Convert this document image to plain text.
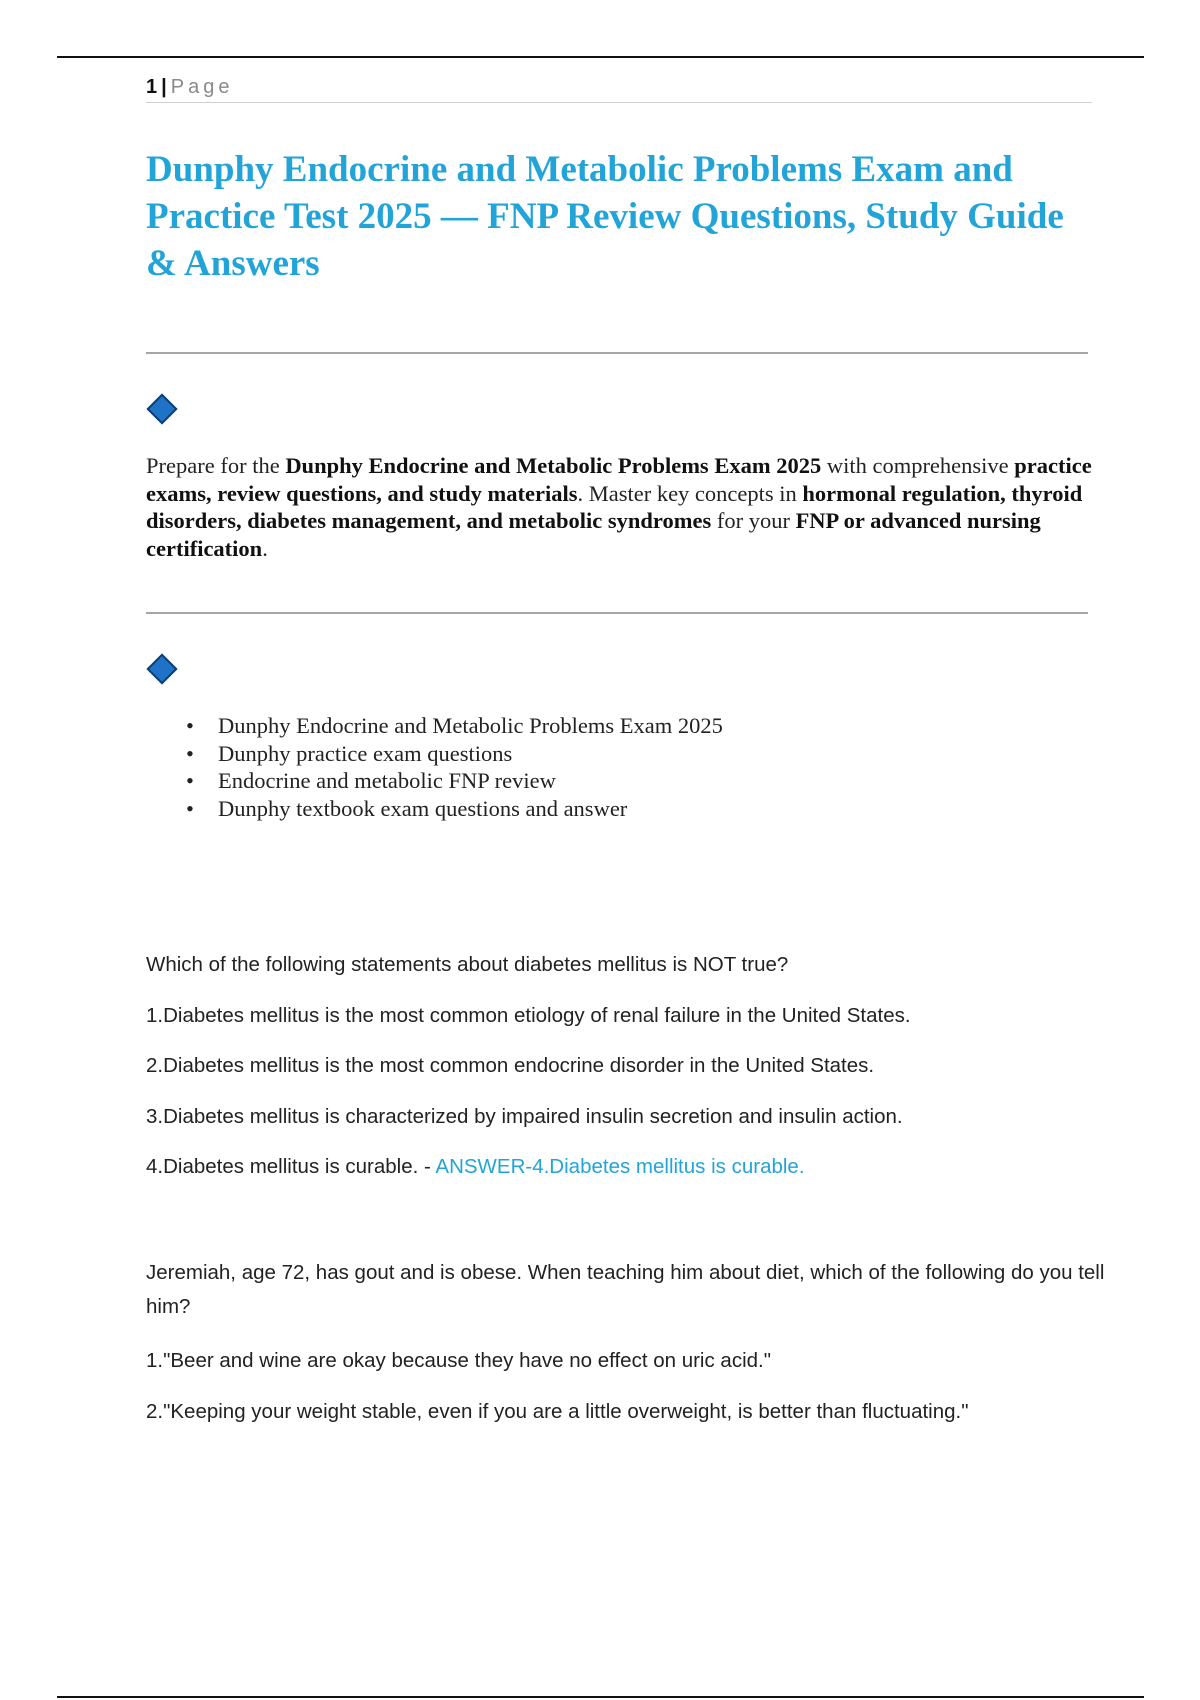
1 | Page
Dunphy Endocrine and Metabolic Problems Exam and Practice Test 2025 — FNP Review Questions, Study Guide & Answers

Prepare for the Dunphy Endocrine and Metabolic Problems Exam 2025 with comprehensive practice exams, review questions, and study materials. Master key concepts in hormonal regulation, thyroid disorders, diabetes management, and metabolic syndromes for your FNP or advanced nursing certification.

• Dunphy Endocrine and Metabolic Problems Exam 2025
• Dunphy practice exam questions
• Endocrine and metabolic FNP review
• Dunphy textbook exam questions and answer

Which of the following statements about diabetes mellitus is NOT true?

1.Diabetes mellitus is the most common etiology of renal failure in the United States.

2.Diabetes mellitus is the most common endocrine disorder in the United States.

3.Diabetes mellitus is characterized by impaired insulin secretion and insulin action.

4.Diabetes mellitus is curable. - ANSWER-4.Diabetes mellitus is curable.

Jeremiah, age 72, has gout and is obese. When teaching him about diet, which of the following do you tell him?

1."Beer and wine are okay because they have no effect on uric acid."

2."Keeping your weight stable, even if you are a little overweight, is better than fluctuating."
